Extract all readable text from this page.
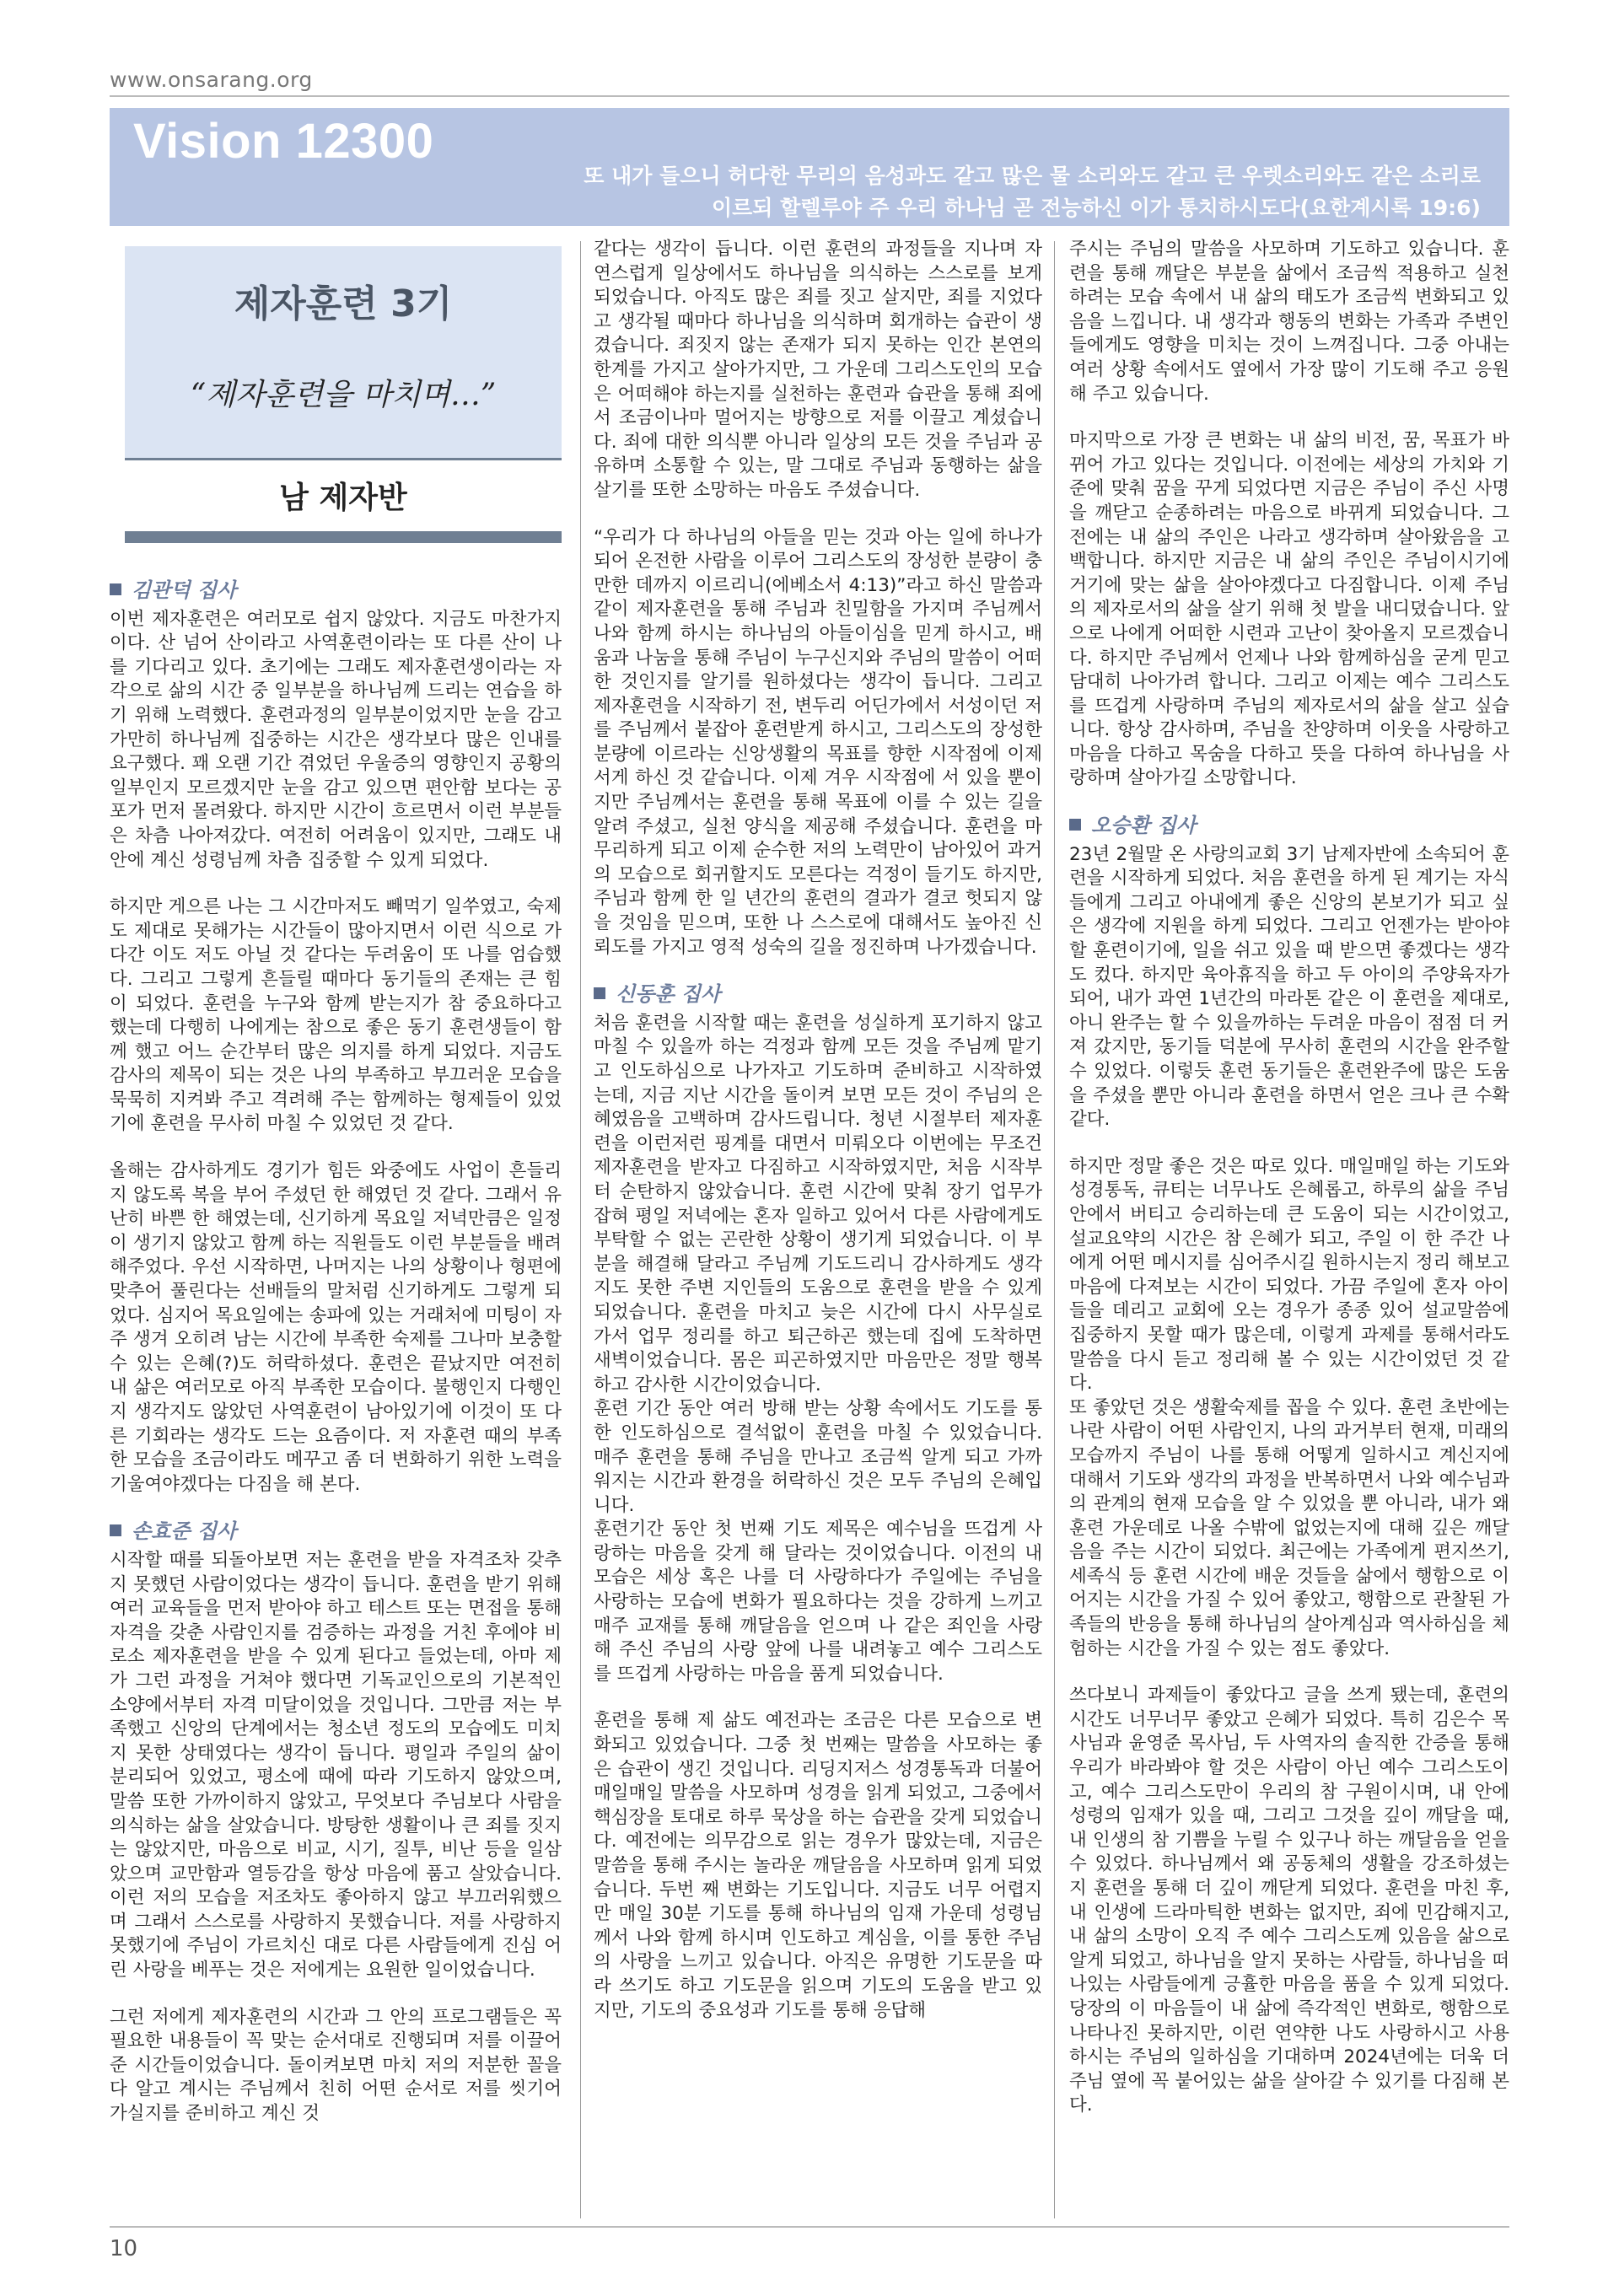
www.onsarang.org
Vision 12300
또 내가 들으니 허다한 무리의 음성과도 같고 많은 물 소리와도 같고 큰 우렛소리와도 같은 소리로
이르되 할렐루야 주 우리 하나님 곧 전능하신 이가 통치하시도다(요한계시록 19:6)
제자훈련 3기
“제자훈련을 마치며…”
남 제자반
김관덕 집사

이번 제자훈련은 여러모로 쉽지 않았다. 지금도 마찬가지이다. 산 넘어 산이라고 사역훈련이라는 또 다른 산이 나를 기다리고 있다. 초기에는 그래도 제자훈련생이라는 자각으로 삶의 시간 중 일부분을 하나님께 드리는 연습을 하기 위해 노력했다. 훈련과정의 일부분이었지만 눈을 감고 가만히 하나님께 집중하는 시간은 생각보다 많은 인내를 요구했다. 꽤 오랜 기간 겪었던 우울증의 영향인지 공황의 일부인지 모르겠지만 눈을 감고 있으면 편안함 보다는 공포가 먼저 몰려왔다. 하지만 시간이 흐르면서 이런 부분들은 차츰 나아져갔다. 여전히 어려움이 있지만, 그래도 내 안에 계신 성령님께 차츰 집중할 수 있게 되었다.

하지만 게으른 나는 그 시간마저도 빼먹기 일쑤였고, 숙제도 제대로 못해가는 시간들이 많아지면서 이런 식으로 가다간 이도 저도 아닐 것 같다는 두려움이 또 나를 엄습했다. 그리고 그렇게 흔들릴 때마다 동기들의 존재는 큰 힘이 되었다. 훈련을 누구와 함께 받는지가 참 중요하다고 했는데 다행히 나에게는 참으로 좋은 동기 훈련생들이 함께 했고 어느 순간부터 많은 의지를 하게 되었다. 지금도 감사의 제목이 되는 것은 나의 부족하고 부끄러운 모습을 묵묵히 지켜봐 주고 격려해 주는 함께하는 형제들이 있었기에 훈련을 무사히 마칠 수 있었던 것 같다.

올해는 감사하게도 경기가 힘든 와중에도 사업이 흔들리지 않도록 복을 부어 주셨던 한 해였던 것 같다. 그래서 유난히 바쁜 한 해였는데, 신기하게 목요일 저녁만큼은 일정이 생기지 않았고 함께 하는 직원들도 이런 부분들을 배려해주었다. 우선 시작하면, 나머지는 나의 상황이나 형편에 맞추어 풀린다는 선배들의 말처럼 신기하게도 그렇게 되었다. 심지어 목요일에는 송파에 있는 거래처에 미팅이 자주 생겨 오히려 남는 시간에 부족한 숙제를 그나마 보충할 수 있는 은혜(?)도 허락하셨다. 훈련은 끝났지만 여전히 내 삶은 여러모로 아직 부족한 모습이다. 불행인지 다행인지 생각지도 않았던 사역훈련이 남아있기에 이것이 또 다른 기회라는 생각도 드는 요즘이다. 저 자훈련 때의 부족한 모습을 조금이라도 메꾸고 좀 더 변화하기 위한 노력을 기울여야겠다는 다짐을 해 본다.

손효준 집사

시작할 때를 되돌아보면 저는 훈련을 받을 자격조차 갖추지 못했던 사람이었다는 생각이 듭니다. 훈련을 받기 위해 여러 교육들을 먼저 받아야 하고 테스트 또는 면접을 통해 자격을 갖춘 사람인지를 검증하는 과정을 거친 후에야 비로소 제자훈련을 받을 수 있게 된다고 들었는데, 아마 제가 그런 과정을 거쳐야 했다면 기독교인으로의 기본적인 소양에서부터 자격 미달이었을 것입니다. 그만큼 저는 부족했고 신앙의 단계에서는 청소년 정도의 모습에도 미치지 못한 상태였다는 생각이 듭니다. 평일과 주일의 삶이 분리되어 있었고, 평소에 때에 따라 기도하지 않았으며, 말씀 또한 가까이하지 않았고, 무엇보다 주님보다 사람을 의식하는 삶을 살았습니다. 방탕한 생활이나 큰 죄를 짓지는 않았지만, 마음으로 비교, 시기, 질투, 비난 등을 일삼았으며 교만함과 열등감을 항상 마음에 품고 살았습니다. 이런 저의 모습을 저조차도 좋아하지 않고 부끄러워했으며 그래서 스스로를 사랑하지 못했습니다. 저를 사랑하지 못했기에 주님이 가르치신 대로 다른 사람들에게 진심 어린 사랑을 베푸는 것은 저에게는 요원한 일이었습니다.

그런 저에게 제자훈련의 시간과 그 안의 프로그램들은 꼭 필요한 내용들이 꼭 맞는 순서대로 진행되며 저를 이끌어 준 시간들이었습니다. 돌이켜보면 마치 저의 저분한 꼴을 다 알고 계시는 주님께서 친히 어떤 순서로 저를 씻기어 가실지를 준비하고 계신 것

같다는 생각이 듭니다. 이런 훈련의 과정들을 지나며 자연스럽게 일상에서도 하나님을 의식하는 스스로를 보게 되었습니다. 아직도 많은 죄를 짓고 살지만, 죄를 지었다고 생각될 때마다 하나님을 의식하며 회개하는 습관이 생겼습니다. 죄짓지 않는 존재가 되지 못하는 인간 본연의 한계를 가지고 살아가지만, 그 가운데 그리스도인의 모습은 어떠해야 하는지를 실천하는 훈련과 습관을 통해 죄에서 조금이나마 멀어지는 방향으로 저를 이끌고 계셨습니다. 죄에 대한 의식뿐 아니라 일상의 모든 것을 주님과 공유하며 소통할 수 있는, 말 그대로 주님과 동행하는 삶을 살기를 또한 소망하는 마음도 주셨습니다.

“우리가 다 하나님의 아들을 믿는 것과 아는 일에 하나가 되어 온전한 사람을 이루어 그리스도의 장성한 분량이 충만한 데까지 이르리니(에베소서 4:13)”라고 하신 말씀과 같이 제자훈련을 통해 주님과 친밀함을 가지며 주님께서 나와 함께 하시는 하나님의 아들이심을 믿게 하시고, 배움과 나눔을 통해 주님이 누구신지와 주님의 말씀이 어떠한 것인지를 알기를 원하셨다는 생각이 듭니다. 그리고 제자훈련을 시작하기 전, 변두리 어딘가에서 서성이던 저를 주님께서 붙잡아 훈련받게 하시고, 그리스도의 장성한 분량에 이르라는 신앙생활의 목표를 향한 시작점에 이제 서게 하신 것 같습니다. 이제 겨우 시작점에 서 있을 뿐이지만 주님께서는 훈련을 통해 목표에 이를 수 있는 길을 알려 주셨고, 실천 양식을 제공해 주셨습니다. 훈련을 마무리하게 되고 이제 순수한 저의 노력만이 남아있어 과거의 모습으로 회귀할지도 모른다는 걱정이 들기도 하지만, 주님과 함께 한 일 년간의 훈련의 결과가 결코 헛되지 않을 것임을 믿으며, 또한 나 스스로에 대해서도 높아진 신뢰도를 가지고 영적 성숙의 길을 정진하며 나가겠습니다.

신동훈 집사

처음 훈련을 시작할 때는 훈련을 성실하게 포기하지 않고 마칠 수 있을까 하는 걱정과 함께 모든 것을 주님께 맡기고 인도하심으로 나가자고 기도하며 준비하고 시작하였는데, 지금 지난 시간을 돌이켜 보면 모든 것이 주님의 은혜였음을 고백하며 감사드립니다. 청년 시절부터 제자훈련을 이런저런 핑계를 대면서 미뤄오다 이번에는 무조건 제자훈련을 받자고 다짐하고 시작하였지만, 처음 시작부터 순탄하지 않았습니다. 훈련 시간에 맞춰 장기 업무가 잡혀 평일 저녁에는 혼자 일하고 있어서 다른 사람에게도 부탁할 수 없는 곤란한 상황이 생기게 되었습니다. 이 부분을 해결해 달라고 주님께 기도드리니 감사하게도 생각지도 못한 주변 지인들의 도움으로 훈련을 받을 수 있게 되었습니다. 훈련을 마치고 늦은 시간에 다시 사무실로 가서 업무 정리를 하고 퇴근하곤 했는데 집에 도착하면 새벽이었습니다. 몸은 피곤하였지만 마음만은 정말 행복하고 감사한 시간이었습니다.

훈련 기간 동안 여러 방해 받는 상황 속에서도 기도를 통한 인도하심으로 결석없이 훈련을 마칠 수 있었습니다. 매주 훈련을 통해 주님을 만나고 조금씩 알게 되고 가까워지는 시간과 환경을 허락하신 것은 모두 주님의 은혜입니다.

훈련기간 동안 첫 번째 기도 제목은 예수님을 뜨겁게 사랑하는 마음을 갖게 해 달라는 것이었습니다. 이전의 내 모습은 세상 혹은 나를 더 사랑하다가 주일에는 주님을 사랑하는 모습에 변화가 필요하다는 것을 강하게 느끼고 매주 교재를 통해 깨달음을 얻으며 나 같은 죄인을 사랑해 주신 주님의 사랑 앞에 나를 내려놓고 예수 그리스도를 뜨겁게 사랑하는 마음을 품게 되었습니다.

훈련을 통해 제 삶도 예전과는 조금은 다른 모습으로 변화되고 있었습니다. 그중 첫 번째는 말씀을 사모하는 좋은 습관이 생긴 것입니다. 리딩지저스 성경통독과 더불어 매일매일 말씀을 사모하며 성경을 읽게 되었고, 그중에서 핵심장을 토대로 하루 묵상을 하는 습관을 갖게 되었습니다. 예전에는 의무감으로 읽는 경우가 많았는데, 지금은 말씀을 통해 주시는 놀라운 깨달음을 사모하며 읽게 되었습니다. 두번 째 변화는 기도입니다. 지금도 너무 어렵지만 매일 30분 기도를 통해 하나님의 임재 가운데 성령님께서 나와 함께 하시며 인도하고 계심을, 이를 통한 주님의 사랑을 느끼고 있습니다. 아직은 유명한 기도문을 따라 쓰기도 하고 기도문을 읽으며 기도의 도움을 받고 있지만, 기도의 중요성과 기도를 통해 응답해

주시는 주님의 말씀을 사모하며 기도하고 있습니다. 훈련을 통해 깨달은 부분을 삶에서 조금씩 적용하고 실천하려는 모습 속에서 내 삶의 태도가 조금씩 변화되고 있음을 느낍니다. 내 생각과 행동의 변화는 가족과 주변인들에게도 영향을 미치는 것이 느껴집니다. 그중 아내는 여러 상황 속에서도 옆에서 가장 많이 기도해 주고 응원해 주고 있습니다.

마지막으로 가장 큰 변화는 내 삶의 비전, 꿈, 목표가 바뀌어 가고 있다는 것입니다. 이전에는 세상의 가치와 기준에 맞춰 꿈을 꾸게 되었다면 지금은 주님이 주신 사명을 깨닫고 순종하려는 마음으로 바뀌게 되었습니다. 그전에는 내 삶의 주인은 나라고 생각하며 살아왔음을 고백합니다. 하지만 지금은 내 삶의 주인은 주님이시기에 거기에 맞는 삶을 살아야겠다고 다짐합니다. 이제 주님의 제자로서의 삶을 살기 위해 첫 발을 내디뎠습니다. 앞으로 나에게 어떠한 시련과 고난이 찾아올지 모르겠습니다. 하지만 주님께서 언제나 나와 함께하심을 굳게 믿고 담대히 나아가려 합니다. 그리고 이제는 예수 그리스도를 뜨겁게 사랑하며 주님의 제자로서의 삶을 살고 싶습니다. 항상 감사하며, 주님을 찬양하며 이웃을 사랑하고 마음을 다하고 목숨을 다하고 뜻을 다하여 하나님을 사랑하며 살아가길 소망합니다.

오승환 집사

23년 2월말 온 사랑의교회 3기 남제자반에 소속되어 훈련을 시작하게 되었다. 처음 훈련을 하게 된 계기는 자식들에게 그리고 아내에게 좋은 신앙의 본보기가 되고 싶은 생각에 지원을 하게 되었다. 그리고 언젠가는 받아야 할 훈련이기에, 일을 쉬고 있을 때 받으면 좋겠다는 생각도 컸다. 하지만 육아휴직을 하고 두 아이의 주양육자가 되어, 내가 과연 1년간의 마라톤 같은 이 훈련을 제대로, 아니 완주는 할 수 있을까하는 두려운 마음이 점점 더 커져 갔지만, 동기들 덕분에 무사히 훈련의 시간을 완주할 수 있었다. 이렇듯 훈련 동기들은 훈련완주에 많은 도움을 주셨을 뿐만 아니라 훈련을 하면서 얻은 크나 큰 수확 같다.

하지만 정말 좋은 것은 따로 있다. 매일매일 하는 기도와 성경통독, 큐티는 너무나도 은혜롭고, 하루의 삶을 주님 안에서 버티고 승리하는데 큰 도움이 되는 시간이었고, 설교요약의 시간은 참 은혜가 되고, 주일 이 한 주간 나에게 어떤 메시지를 심어주시길 원하시는지 정리 해보고 마음에 다져보는 시간이 되었다. 가끔 주일에 혼자 아이들을 데리고 교회에 오는 경우가 종종 있어 설교말씀에 집중하지 못할 때가 많은데, 이렇게 과제를 통해서라도 말씀을 다시 듣고 정리해 볼 수 있는 시간이었던 것 같다.

또 좋았던 것은 생활숙제를 꼽을 수 있다. 훈련 초반에는 나란 사람이 어떤 사람인지, 나의 과거부터 현재, 미래의 모습까지 주님이 나를 통해 어떻게 일하시고 계신지에 대해서 기도와 생각의 과정을 반복하면서 나와 예수님과의 관계의 현재 모습을 알 수 있었을 뿐 아니라, 내가 왜 훈련 가운데로 나올 수밖에 없었는지에 대해 깊은 깨달음을 주는 시간이 되었다. 최근에는 가족에게 편지쓰기, 세족식 등 훈련 시간에 배운 것들을 삶에서 행함으로 이어지는 시간을 가질 수 있어 좋았고, 행함으로 관찰된 가족들의 반응을 통해 하나님의 살아계심과 역사하심을 체험하는 시간을 가질 수 있는 점도 좋았다.

쓰다보니 과제들이 좋았다고 글을 쓰게 됐는데, 훈련의 시간도 너무너무 좋았고 은혜가 되었다. 특히 김은수 목사님과 윤영준 목사님, 두 사역자의 솔직한 간증을 통해 우리가 바라봐야 할 것은 사람이 아닌 예수 그리스도이고, 예수 그리스도만이 우리의 참 구원이시며, 내 안에 성령의 임재가 있을 때, 그리고 그것을 깊이 깨달을 때, 내 인생의 참 기쁨을 누릴 수 있구나 하는 깨달음을 얻을 수 있었다. 하나님께서 왜 공동체의 생활을 강조하셨는지 훈련을 통해 더 깊이 깨닫게 되었다. 훈련을 마친 후, 내 인생에 드라마틱한 변화는 없지만, 죄에 민감해지고, 내 삶의 소망이 오직 주 예수 그리스도께 있음을 삶으로 알게 되었고, 하나님을 알지 못하는 사람들, 하나님을 떠나있는 사람들에게 긍휼한 마음을 품을 수 있게 되었다. 당장의 이 마음들이 내 삶에 즉각적인 변화로, 행함으로 나타나진 못하지만, 이런 연약한 나도 사랑하시고 사용하시는 주님의 일하심을 기대하며 2024년에는 더욱 더 주님 옆에 꼭 붙어있는 삶을 살아갈 수 있기를 다짐해 본다.

10
